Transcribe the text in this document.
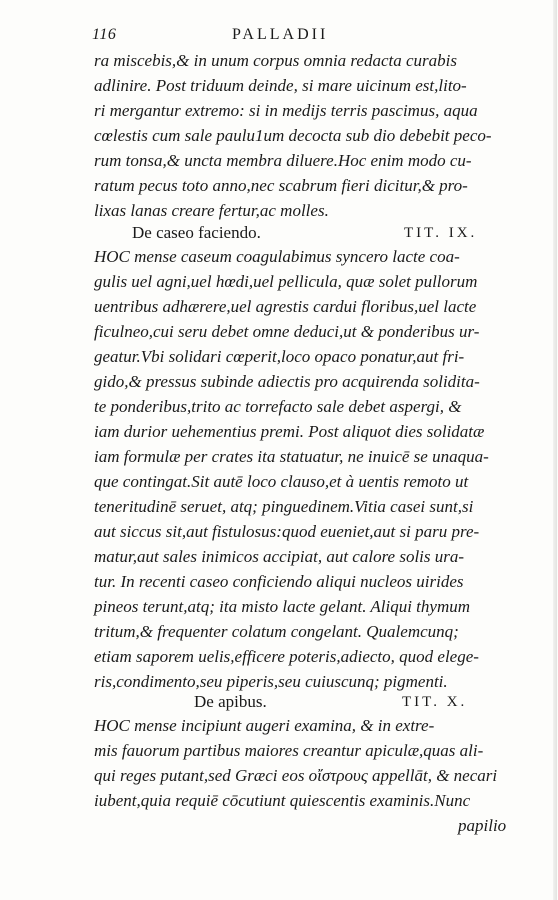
116	PALLADII
ra miscebis,& in unum corpus omnia redacta curabis
adlinire. Post triduum deinde, si mare uicinum est,lito-
ri mergantur extremo: si in medijs terris pascimus, aqua
cœlestis cum sale paulu1um decocta sub dio debebit peco-
rum tonsa,& uncta membra diluere.Hoc enim modo cu-
ratum pecus toto anno,nec scabrum fieri dicitur,& pro-
lixas lanas creare fertur,ac molles.
De caseo faciendo.	TIT. IX.
HOC mense caseum coagulabimus syncero lacte coa-
gulis uel agni,uel hœdi,uel pellicula, quæ solet pullorum
uentribus adhærere,uel agrestis cardui floribus,uel lacte
ficulneo,cui seru debet omne deduci,ut & ponderibus ur-
geatur.Vbi solidari cœperit,loco opaco ponatur,aut fri-
gido,& pressus subinde adiectis pro acquirenda solidita-
te ponderibus,trito ac torrefacto sale debet aspergi, &
iam durior uehementius premi. Post aliquot dies solidatæ
iam formulæ per crates ita statuatur, ne inuicē se unaqua-
que contingat.Sit autē loco clauso,et à uentis remoto ut
teneritudinē seruet, atq; pinguedinem.Vitia casei sunt,si
aut siccus sit,aut fistulosus:quod eueniet,aut si paru pre-
matur,aut sales inimicos accipiat, aut calore solis ura-
tur. In recenti caseo conficiendo aliqui nucleos uirides
pineos terunt,atq; ita misto lacte gelant. Aliqui thymum
tritum,& frequenter colatum congelant. Qualemcunq;
etiam saporem uelis,efficere poteris,adiecto, quod elege-
ris,condimento,seu piperis,seu cuiuscunq; pigmenti.
De apibus.	TIT. X.
HOC mense incipiunt augeri examina, & in extre-
mis fauorum partibus maiores creantur apiculæ,quas ali-
qui reges putant,sed Græci eos οἴστρους appellāt, & necari
iubent,quia requiē cōcutiunt quiescentis examinis.Nunc
papilio
